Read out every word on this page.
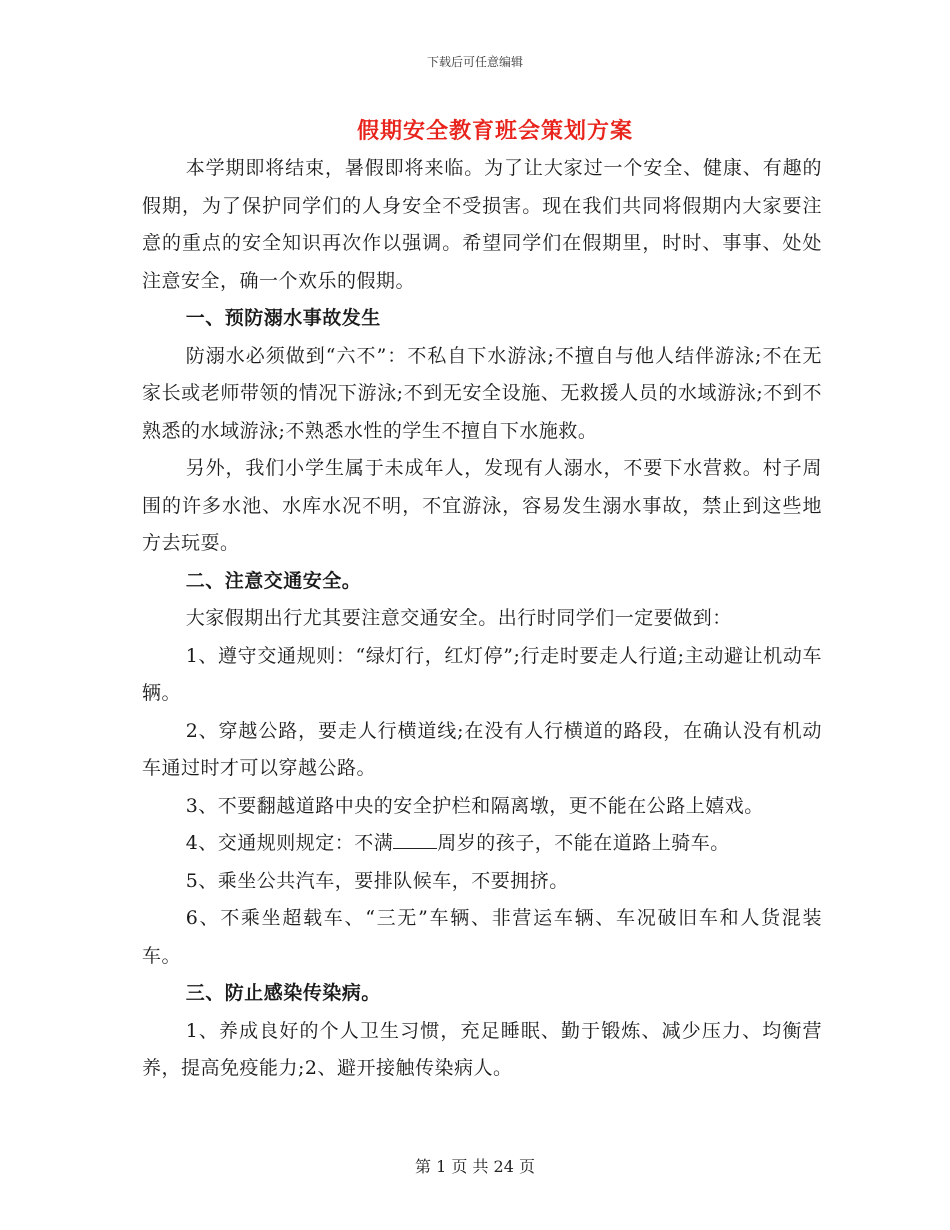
下载后可任意编辑
假期安全教育班会策划方案

本学期即将结束，暑假即将来临。为了让大家过一个安全、健康、有趣的假期，为了保护同学们的人身安全不受损害。现在我们共同将假期内大家要注意的重点的安全知识再次作以强调。希望同学们在假期里，时时、事事、处处注意安全，确一个欢乐的假期。

一、预防溺水事故发生

防溺水必须做到“六不”：不私自下水游泳;不擅自与他人结伴游泳;不在无家长或老师带领的情况下游泳;不到无安全设施、无救援人员的水域游泳;不到不熟悉的水域游泳;不熟悉水性的学生不擅自下水施救。

另外，我们小学生属于未成年人，发现有人溺水，不要下水营救。村子周围的许多水池、水库水况不明，不宜游泳，容易发生溺水事故，禁止到这些地方去玩耍。

二、注意交通安全。

大家假期出行尤其要注意交通安全。出行时同学们一定要做到：

1、遵守交通规则：“绿灯行，红灯停”;行走时要走人行道;主动避让机动车辆。

2、穿越公路，要走人行横道线;在没有人行横道的路段，在确认没有机动车通过时才可以穿越公路。

3、不要翻越道路中央的安全护栏和隔离墩，更不能在公路上嬉戏。

4、交通规则规定：不满 周岁的孩子，不能在道路上骑车。

5、乘坐公共汽车，要排队候车，不要拥挤。

6、不乘坐超载车、“三无”车辆、非营运车辆、车况破旧车和人货混装车。

三、防止感染传染病。

1、养成良好的个人卫生习惯，充足睡眠、勤于锻炼、减少压力、均衡营养，提高免疫能力;2、避开接触传染病人。

第 1 页 共 24 页
